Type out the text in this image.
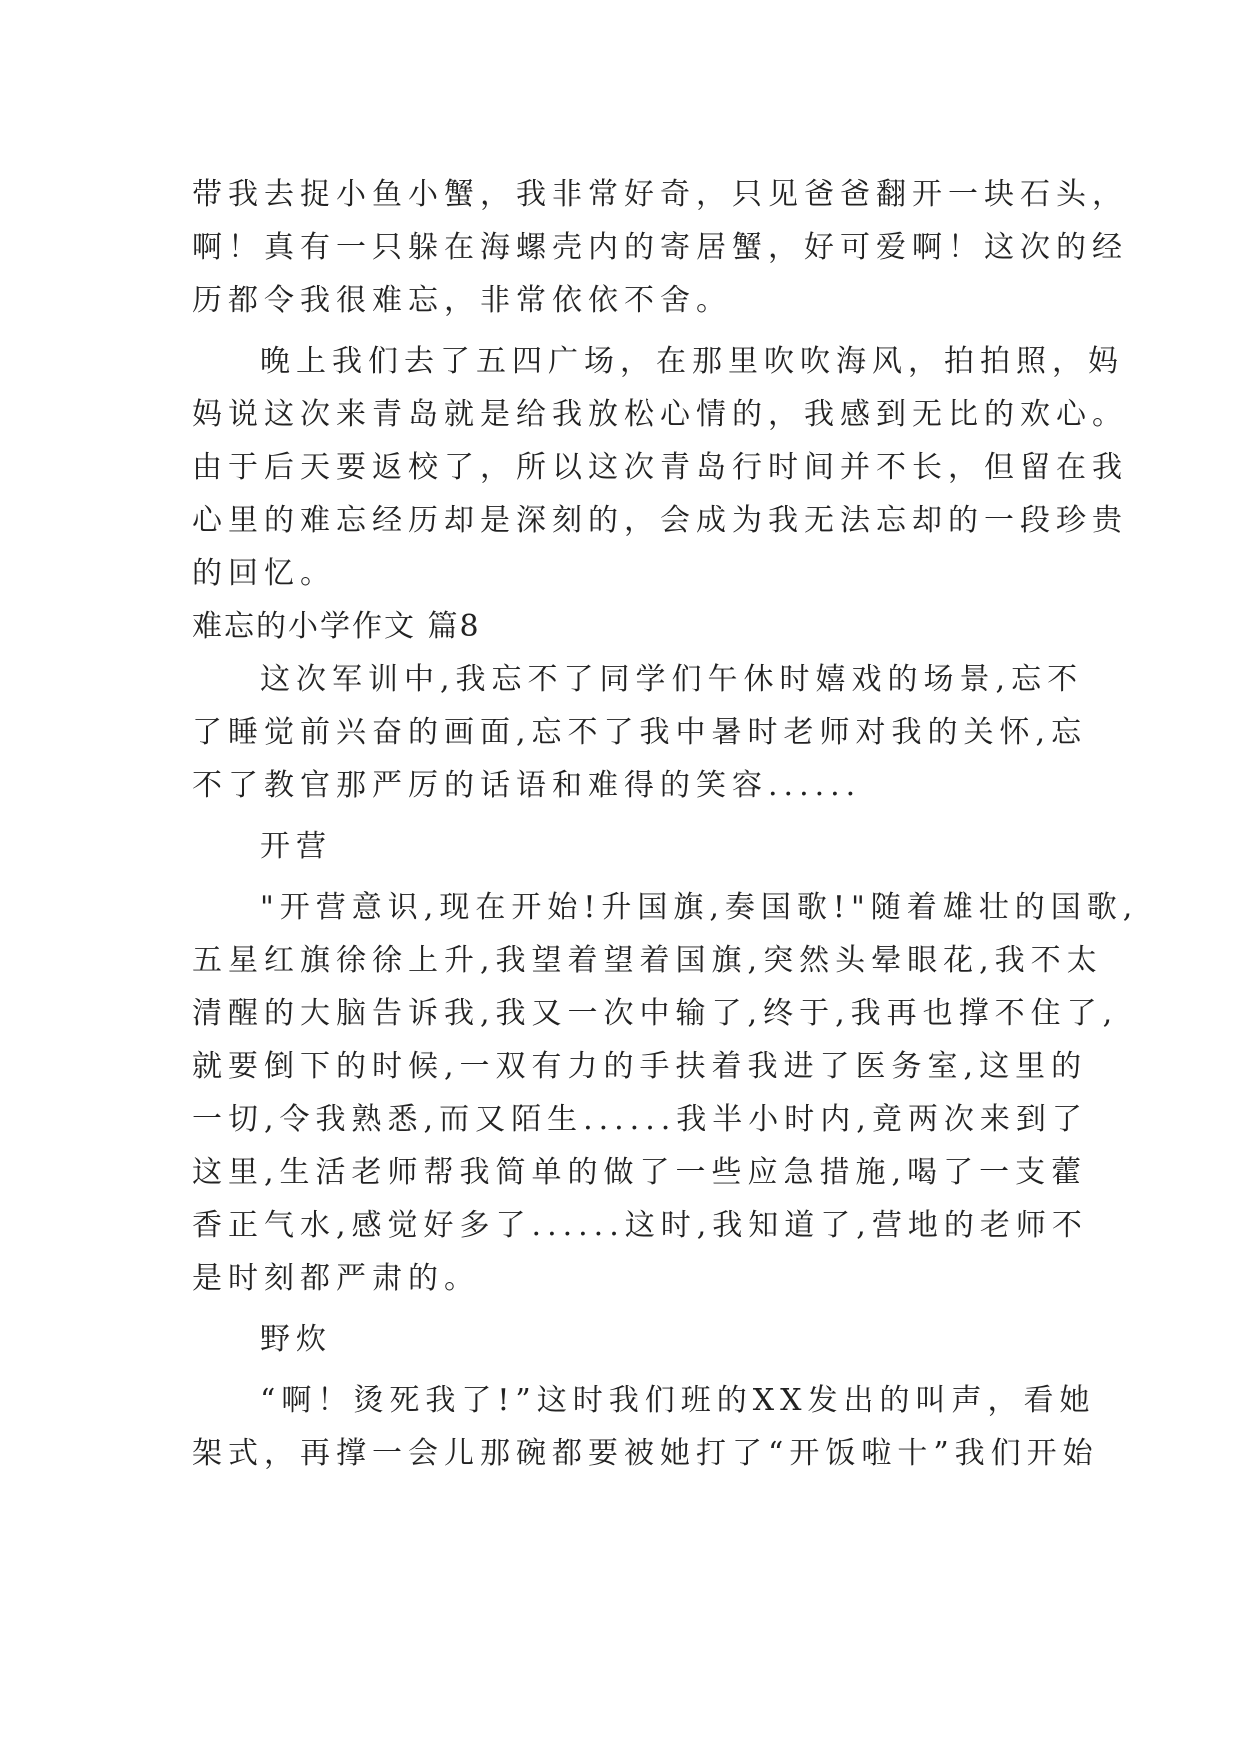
带我去捉小鱼小蟹，我非常好奇，只见爸爸翻开一块石头，
啊！真有一只躲在海螺壳内的寄居蟹，好可爱啊！这次的经
历都令我很难忘，非常依依不舍。
晚上我们去了五四广场，在那里吹吹海风，拍拍照，妈
妈说这次来青岛就是给我放松心情的，我感到无比的欢心。
由于后天要返校了，所以这次青岛行时间并不长，但留在我
心里的难忘经历却是深刻的，会成为我无法忘却的一段珍贵
的回忆。
难忘的小学作文 篇8
这次军训中,我忘不了同学们午休时嬉戏的场景,忘不
了睡觉前兴奋的画面,忘不了我中暑时老师对我的关怀,忘
不了教官那严厉的话语和难得的笑容......
开营
"开营意识,现在开始!升国旗,奏国歌!"随着雄壮的国歌,
五星红旗徐徐上升,我望着望着国旗,突然头晕眼花,我不太
清醒的大脑告诉我,我又一次中输了,终于,我再也撑不住了,
就要倒下的时候,一双有力的手扶着我进了医务室,这里的
一切,令我熟悉,而又陌生......我半小时内,竟两次来到了
这里,生活老师帮我简单的做了一些应急措施,喝了一支藿
香正气水,感觉好多了......这时,我知道了,营地的老师不
是时刻都严肃的。
野炊
“啊！烫死我了!”这时我们班的XX发出的叫声，看她
架式，再撑一会儿那碗都要被她打了“开饭啦十”我们开始
